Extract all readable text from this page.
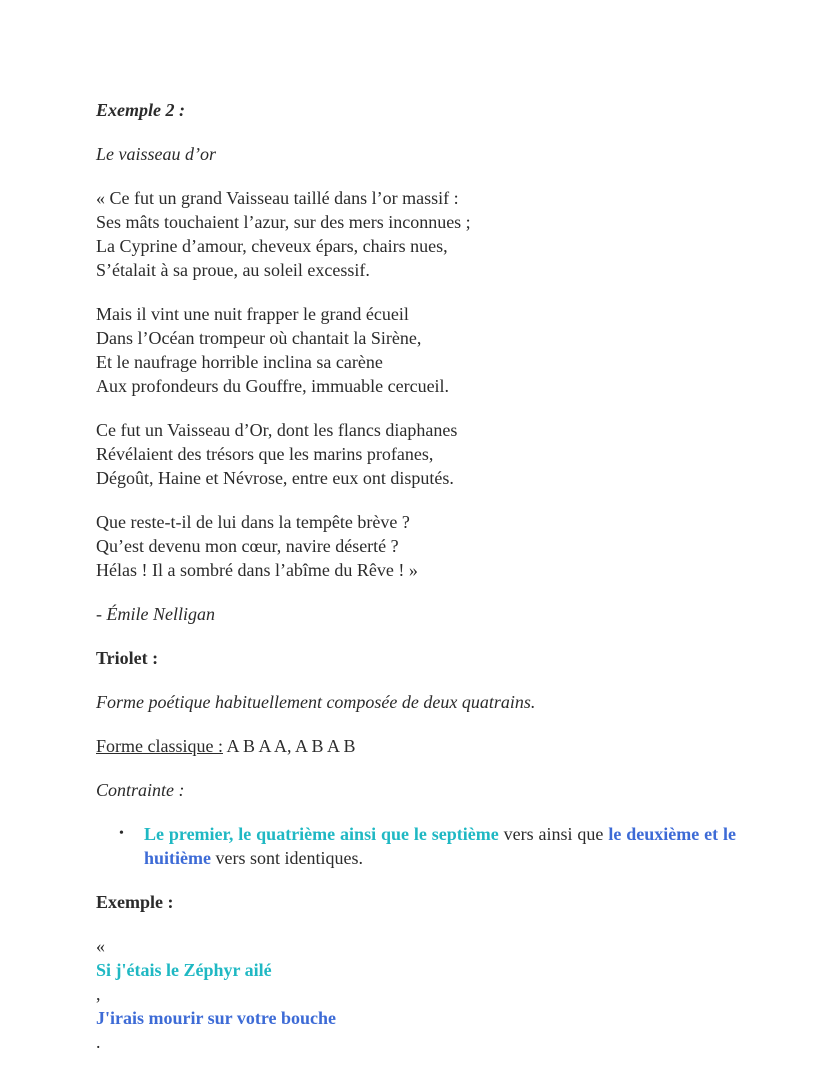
Exemple 2 :

Le vaisseau d’or

« Ce fut un grand Vaisseau taillé dans l’or massif :
Ses mâts touchaient l’azur, sur des mers inconnues ;
La Cyprine d’amour, cheveux épars, chairs nues,
S’étalait à sa proue, au soleil excessif.
Mais il vint une nuit frapper le grand écueil
Dans l’Océan trompeur où chantait la Sirène,
Et le naufrage horrible inclina sa carène
Aux profondeurs du Gouffre, immuable cercueil.
Ce fut un Vaisseau d’Or, dont les flancs diaphanes
Révélaient des trésors que les marins profanes,
Dégoût, Haine et Névrose, entre eux ont disputés.
Que reste-t-il de lui dans la tempête brève ?
Qu’est devenu mon cœur, navire déserté ?
Hélas ! Il a sombré dans l’abîme du Rêve ! »

- Émile Nelligan

Triolet :

Forme poétique habituellement composée de deux quatrains.

Forme classique : A B A A, A B A B

Contrainte :

• Le premier, le quatrième ainsi que le septième vers ainsi que le deuxième et le huitième vers sont identiques.

Exemple :

«
Si j'étais le Zéphyr ailé
,
J'irais mourir sur votre bouche
.
